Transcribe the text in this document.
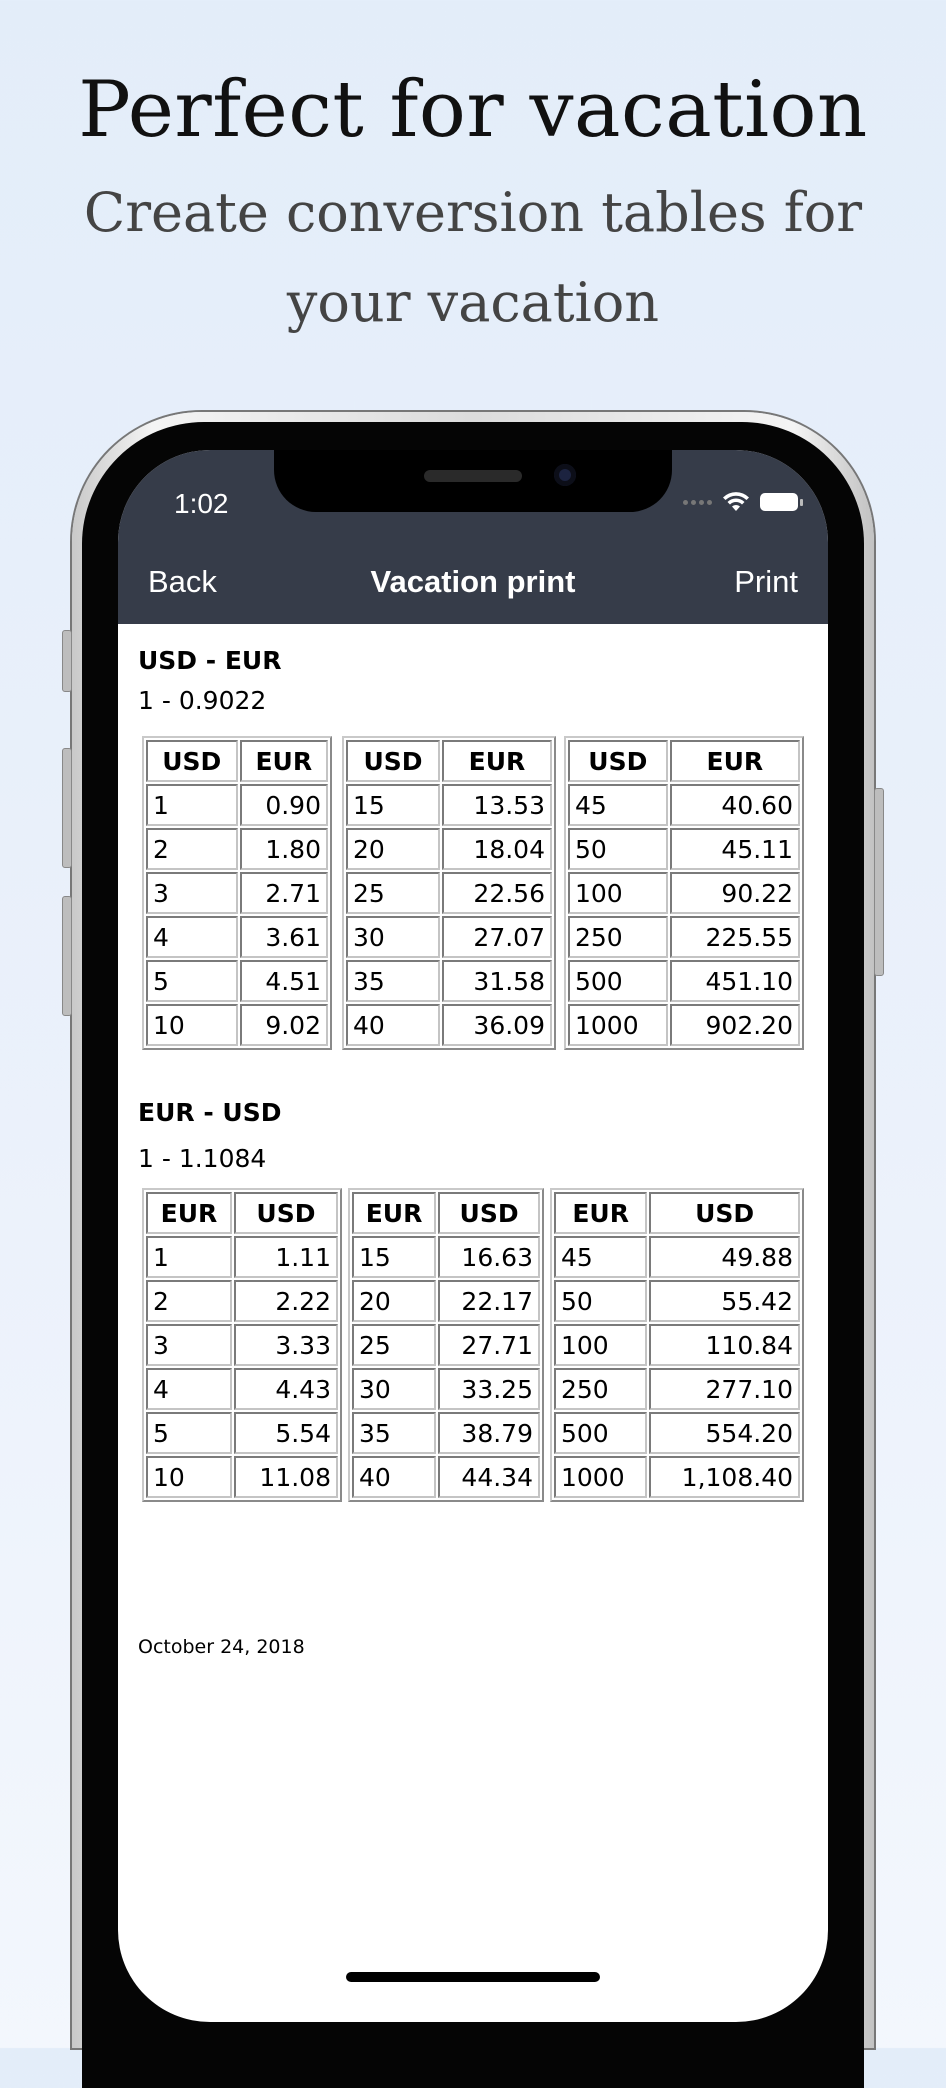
Perfect for vacation
Create conversion tables for your vacation
1:02
Back	Vacation print	Print
USD - EUR
1 - 0.9022
USD	EUR
1	0.90
2	1.80
3	2.71
4	3.61
5	4.51
10	9.02
USD	EUR
15	13.53
20	18.04
25	22.56
30	27.07
35	31.58
40	36.09
USD	EUR
45	40.60
50	45.11
100	90.22
250	225.55
500	451.10
1000	902.20
EUR - USD
1 - 1.1084
EUR	USD
1	1.11
2	2.22
3	3.33
4	4.43
5	5.54
10	11.08
EUR	USD
15	16.63
20	22.17
25	27.71
30	33.25
35	38.79
40	44.34
EUR	USD
45	49.88
50	55.42
100	110.84
250	277.10
500	554.20
1000	1,108.40
October 24, 2018
